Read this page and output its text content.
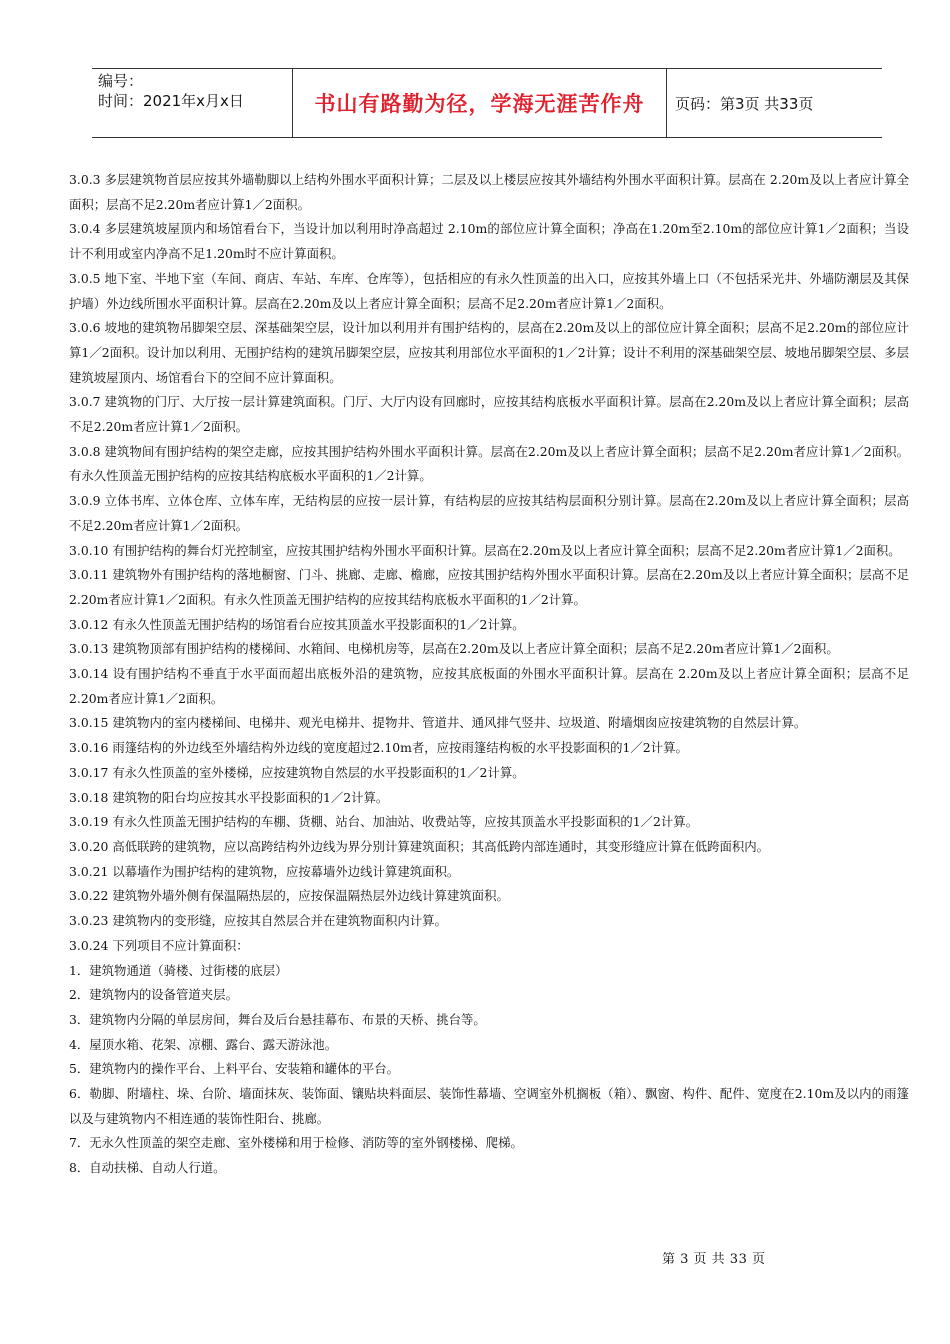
编号：
时间：2021年x月x日	书山有路勤为径，学海无涯苦作舟	页码：第3页 共33页

3.0.3 多层建筑物首层应按其外墙勒脚以上结构外围水平面积计算；二层及以上楼层应按其外墙结构外围水平面积计算。层高在 2.20m及以上者应计算全面积；层高不足2.20m者应计算1／2面积。

3.0.4 多层建筑坡屋顶内和场馆看台下，当设计加以利用时净高超过 2.10m的部位应计算全面积；净高在1.20m至2.10m的部位应计算1／2面积；当设计不利用或室内净高不足1.20m时不应计算面积。

3.0.5 地下室、半地下室（车间、商店、车站、车库、仓库等），包括相应的有永久性顶盖的出入口，应按其外墙上口（不包括采光井、外墙防潮层及其保护墙）外边线所围水平面积计算。层高在2.20m及以上者应计算全面积；层高不足2.20m者应计算1／2面积。

3.0.6 坡地的建筑物吊脚架空层、深基础架空层，设计加以利用并有围护结构的，层高在2.20m及以上的部位应计算全面积；层高不足2.20m的部位应计算1／2面积。设计加以利用、无围护结构的建筑吊脚架空层，应按其利用部位水平面积的1／2计算；设计不利用的深基础架空层、坡地吊脚架空层、多层建筑坡屋顶内、场馆看台下的空间不应计算面积。

3.0.7 建筑物的门厅、大厅按一层计算建筑面积。门厅、大厅内设有回廊时，应按其结构底板水平面积计算。层高在2.20m及以上者应计算全面积；层高不足2.20m者应计算1／2面积。

3.0.8 建筑物间有围护结构的架空走廊，应按其围护结构外围水平面积计算。层高在2.20m及以上者应计算全面积；层高不足2.20m者应计算1／2面积。有永久性顶盖无围护结构的应按其结构底板水平面积的1／2计算。

3.0.9 立体书库、立体仓库、立体车库，无结构层的应按一层计算，有结构层的应按其结构层面积分别计算。层高在2.20m及以上者应计算全面积；层高不足2.20m者应计算1／2面积。

3.0.10 有围护结构的舞台灯光控制室，应按其围护结构外围水平面积计算。层高在2.20m及以上者应计算全面积；层高不足2.20m者应计算1／2面积。

3.0.11 建筑物外有围护结构的落地橱窗、门斗、挑廊、走廊、檐廊，应按其围护结构外围水平面积计算。层高在2.20m及以上者应计算全面积；层高不足2.20m者应计算1／2面积。有永久性顶盖无围护结构的应按其结构底板水平面积的1／2计算。

3.0.12 有永久性顶盖无围护结构的场馆看台应按其顶盖水平投影面积的1／2计算。

3.0.13 建筑物顶部有围护结构的楼梯间、水箱间、电梯机房等，层高在2.20m及以上者应计算全面积；层高不足2.20m者应计算1／2面积。

3.0.14 设有围护结构不垂直于水平面而超出底板外沿的建筑物，应按其底板面的外围水平面积计算。层高在 2.20m及以上者应计算全面积；层高不足2.20m者应计算1／2面积。

3.0.15 建筑物内的室内楼梯间、电梯井、观光电梯井、提物井、管道井、通风排气竖井、垃圾道、附墙烟囱应按建筑物的自然层计算。

3.0.16 雨篷结构的外边线至外墙结构外边线的宽度超过2.10m者，应按雨篷结构板的水平投影面积的1／2计算。

3.0.17 有永久性顶盖的室外楼梯，应按建筑物自然层的水平投影面积的1／2计算。

3.0.18 建筑物的阳台均应按其水平投影面积的1／2计算。

3.0.19 有永久性顶盖无围护结构的车棚、货棚、站台、加油站、收费站等，应按其顶盖水平投影面积的1／2计算。

3.0.20 高低联跨的建筑物，应以高跨结构外边线为界分别计算建筑面积；其高低跨内部连通时，其变形缝应计算在低跨面积内。

3.0.21 以幕墙作为围护结构的建筑物，应按幕墙外边线计算建筑面积。

3.0.22 建筑物外墙外侧有保温隔热层的，应按保温隔热层外边线计算建筑面积。

3.0.23 建筑物内的变形缝，应按其自然层合并在建筑物面积内计算。

3.0.24 下列项目不应计算面积：

1．建筑物通道（骑楼、过街楼的底层）

2．建筑物内的设备管道夹层。

3．建筑物内分隔的单层房间，舞台及后台悬挂幕布、布景的天桥、挑台等。

4．屋顶水箱、花架、凉棚、露台、露天游泳池。

5．建筑物内的操作平台、上料平台、安装箱和罐体的平台。

6．勒脚、附墙柱、垛、台阶、墙面抹灰、装饰面、镶贴块料面层、装饰性幕墙、空调室外机搁板（箱）、飘窗、构件、配件、宽度在2.10m及以内的雨篷以及与建筑物内不相连通的装饰性阳台、挑廊。

7．无永久性顶盖的架空走廊、室外楼梯和用于检修、消防等的室外钢楼梯、爬梯。

8．自动扶梯、自动人行道。

第 3 页 共 33 页
